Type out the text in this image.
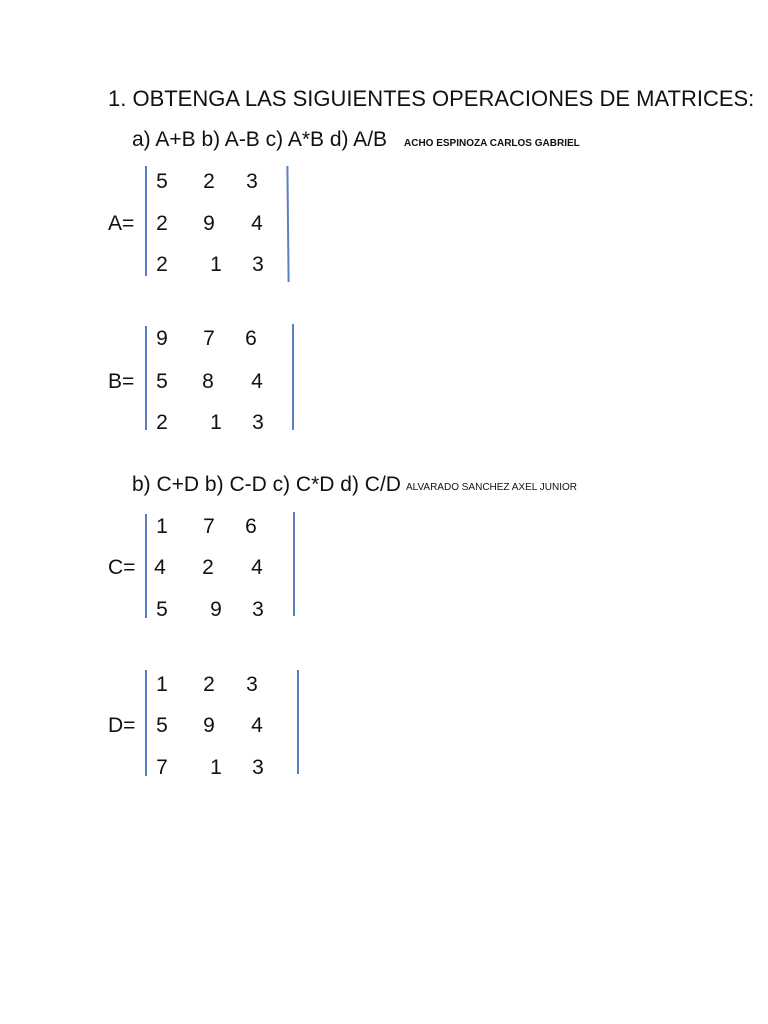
1. OBTENGA LAS SIGUIENTES OPERACIONES DE MATRICES:
a) A+B b) A-B c) A*B d) A/B ACHO ESPINOZA CARLOS GABRIEL
A=
5 2 3
2 9 4
2 1 3
B=
9 7 6
5 8 4
2 1 3
b) C+D b) C-D c) C*D d) C/D ALVARADO SANCHEZ AXEL JUNIOR
C=
1 7 6
4 2 4
5 9 3
D=
1 2 3
5 9 4
7 1 3
